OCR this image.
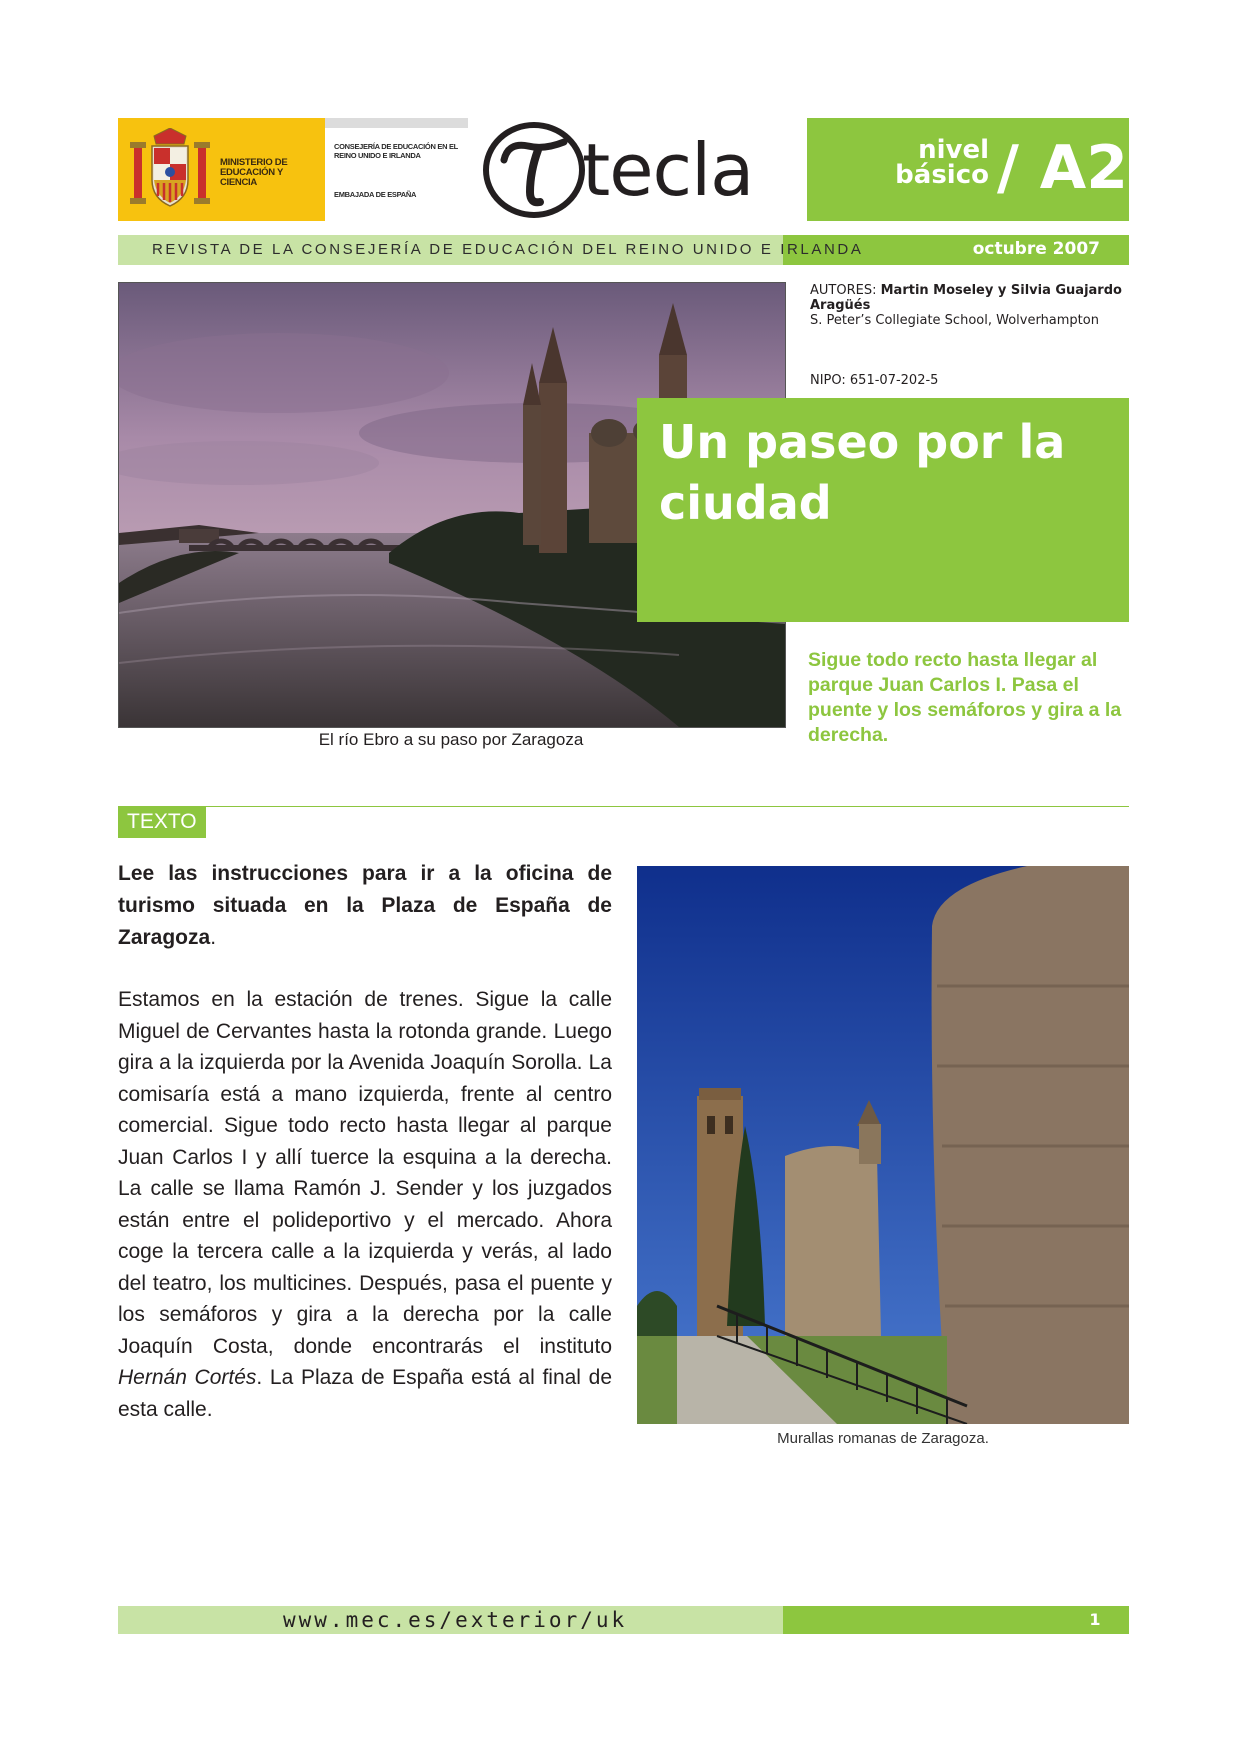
MINISTERIO DE EDUCACIÓN Y CIENCIA
CONSEJERÍA DE EDUCACIÓN EN EL REINO UNIDO E IRLANDA
EMBAJADA DE ESPAÑA	tecla	nivel básico / A2
REVISTA DE LA CONSEJERÍA DE EDUCACIÓN DEL REINO UNIDO E IRLANDA	octubre 2007
El río Ebro a su paso por Zaragoza
AUTORES: Martin Moseley y Silvia Guajardo Aragüés
S. Peter’s Collegiate School, Wolverhampton
NIPO: 651-07-202-5
Un paseo por la ciudad
Sigue todo recto hasta llegar al parque Juan Carlos I. Pasa el puente y los semáforos y gira a la derecha.
TEXTO
Lee las instrucciones para ir a la oficina de turismo situada en la Plaza de España de Zaragoza.
Estamos en la estación de trenes. Sigue la calle Miguel de Cervantes hasta la rotonda grande. Luego gira a la izquierda por la Avenida Joaquín Sorolla. La comisaría está a mano izquierda, frente al centro comercial. Sigue todo recto hasta llegar al parque Juan Carlos I y allí tuerce la esquina a la derecha. La calle se llama Ramón J. Sender y los juzgados están entre el polideportivo y el mercado. Ahora coge la tercera calle a la izquierda y verás, al lado del teatro, los multicines. Después, pasa el puente y los semáforos y gira a la derecha por la calle Joaquín Costa, donde encontrarás el instituto Hernán Cortés. La Plaza de España está al final de esta calle.
Murallas romanas de Zaragoza.
www.mec.es/exterior/uk	1
